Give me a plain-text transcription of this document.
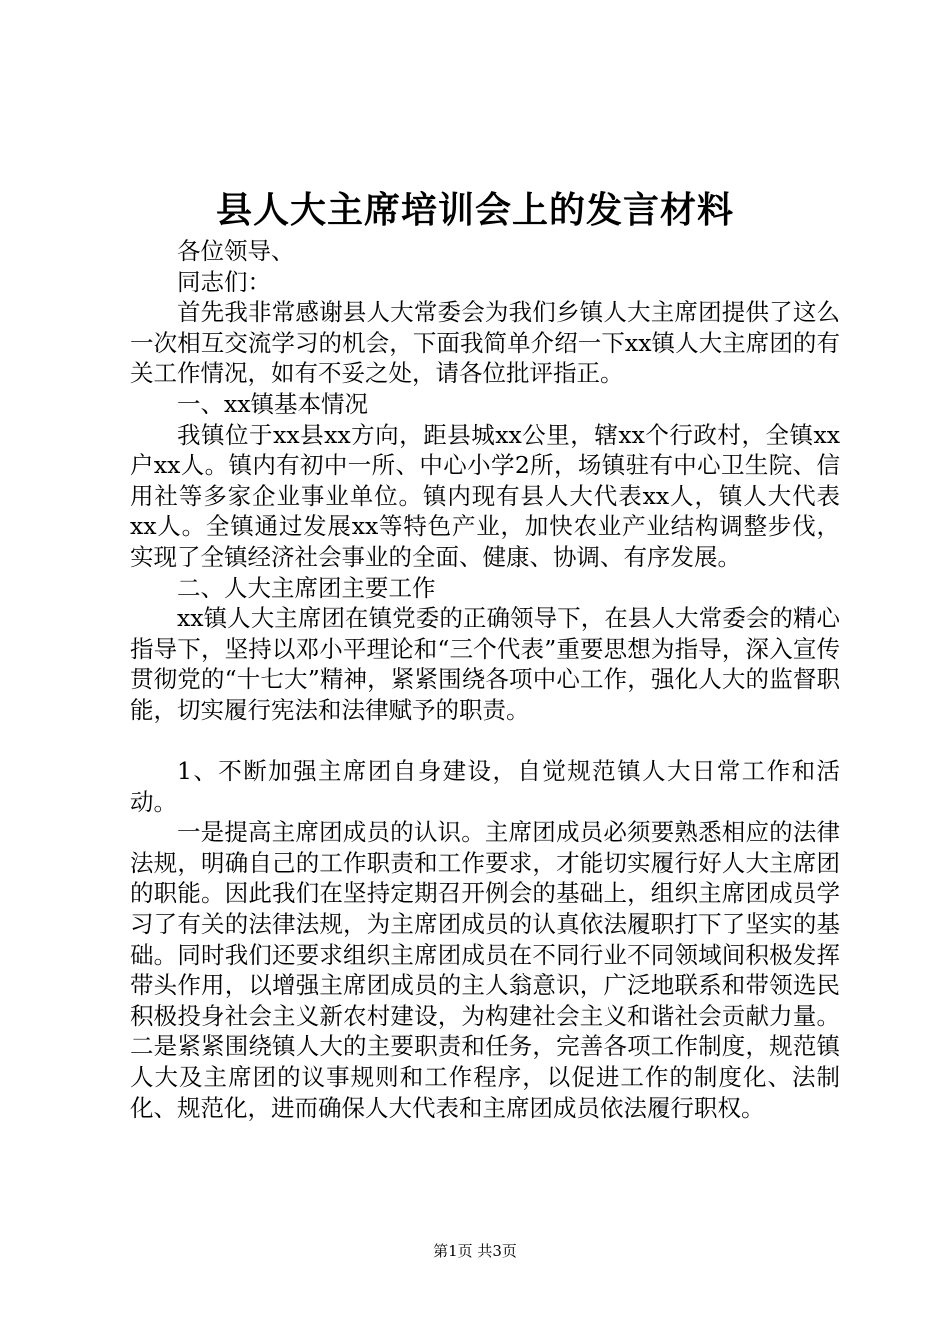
县人大主席培训会上的发言材料

各位领导、

同志们：

首先我非常感谢县人大常委会为我们乡镇人大主席团提供了这么一次相互交流学习的机会，下面我简单介绍一下xx镇人大主席团的有关工作情况，如有不妥之处，请各位批评指正。

一、xx镇基本情况

我镇位于xx县xx方向，距县城xx公里，辖xx个行政村，全镇xx户xx人。镇内有初中一所、中心小学2所，场镇驻有中心卫生院、信用社等多家企业事业单位。镇内现有县人大代表xx人，镇人大代表xx人。全镇通过发展xx等特色产业，加快农业产业结构调整步伐，实现了全镇经济社会事业的全面、健康、协调、有序发展。

二、人大主席团主要工作

xx镇人大主席团在镇党委的正确领导下，在县人大常委会的精心指导下，坚持以邓小平理论和“三个代表”重要思想为指导，深入宣传贯彻党的“十七大”精神，紧紧围绕各项中心工作，强化人大的监督职能，切实履行宪法和法律赋予的职责。

1、不断加强主席团自身建设，自觉规范镇人大日常工作和活动。

一是提高主席团成员的认识。主席团成员必须要熟悉相应的法律法规，明确自己的工作职责和工作要求，才能切实履行好人大主席团的职能。因此我们在坚持定期召开例会的基础上，组织主席团成员学习了有关的法律法规，为主席团成员的认真依法履职打下了坚实的基础。同时我们还要求组织主席团成员在不同行业不同领域间积极发挥带头作用，以增强主席团成员的主人翁意识，广泛地联系和带领选民积极投身社会主义新农村建设，为构建社会主义和谐社会贡献力量。二是紧紧围绕镇人大的主要职责和任务，完善各项工作制度，规范镇人大及主席团的议事规则和工作程序，以促进工作的制度化、法制化、规范化，进而确保人大代表和主席团成员依法履行职权。

第1页 共3页
